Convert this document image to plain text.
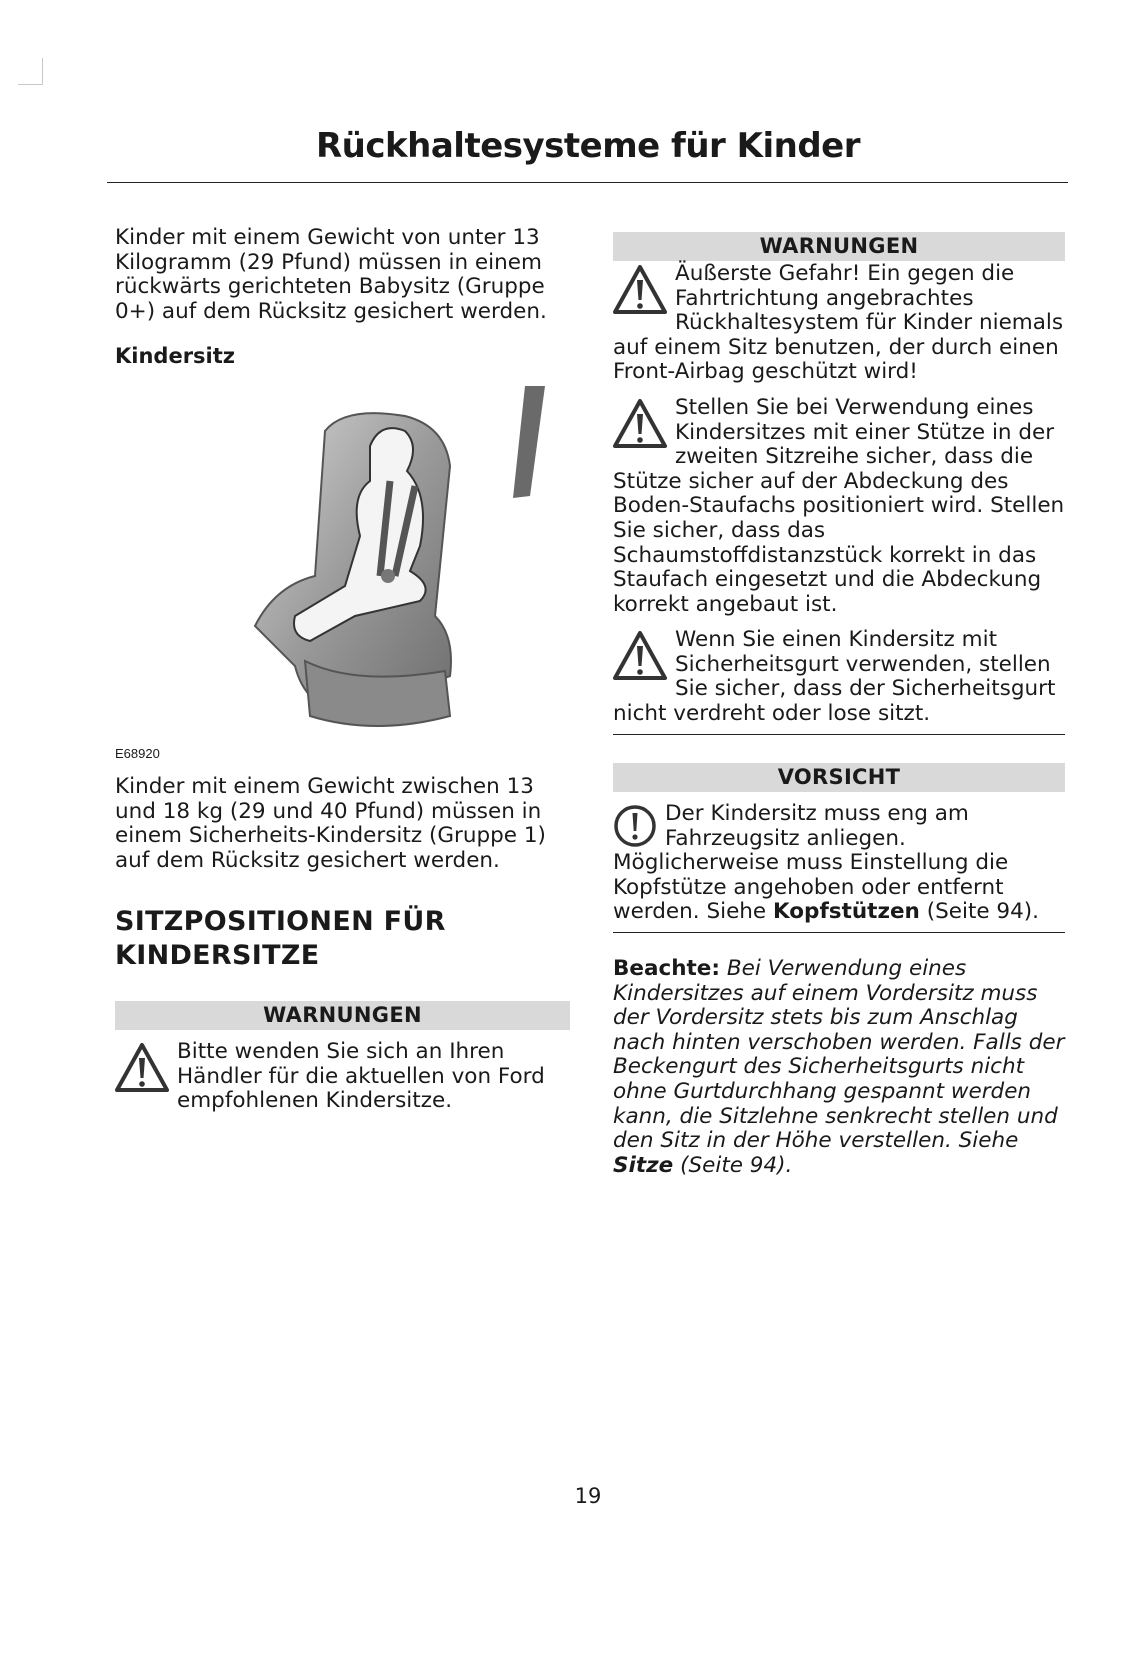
Rückhaltesysteme für Kinder

Kinder mit einem Gewicht von unter 13 Kilogramm (29 Pfund) müssen in einem rückwärts gerichteten Babysitz (Gruppe 0+) auf dem Rücksitz gesichert werden.

Kindersitz
E68920

Kinder mit einem Gewicht zwischen 13 und 18 kg (29 und 40 Pfund) müssen in einem Sicherheits-Kindersitz (Gruppe 1) auf dem Rücksitz gesichert werden.

SITZPOSITIONEN FÜR
KINDERSITZE
WARNUNGEN
Bitte wenden Sie sich an Ihren Händler für die aktuellen von Ford empfohlenen Kindersitze.
WARNUNGEN
Äußerste Gefahr! Ein gegen die Fahrtrichtung angebrachtes Rückhaltesystem für Kinder niemals auf einem Sitz benutzen, der durch einen Front-Airbag geschützt wird!
Stellen Sie bei Verwendung eines Kindersitzes mit einer Stütze in der zweiten Sitzreihe sicher, dass die Stütze sicher auf der Abdeckung des Boden-Staufachs positioniert wird. Stellen Sie sicher, dass das Schaumstoffdistanzstück korrekt in das Staufach eingesetzt und die Abdeckung korrekt angebaut ist.
Wenn Sie einen Kindersitz mit Sicherheitsgurt verwenden, stellen Sie sicher, dass der Sicherheitsgurt nicht verdreht oder lose sitzt.
VORSICHT
Der Kindersitz muss eng am Fahrzeugsitz anliegen. Möglicherweise muss Einstellung die Kopfstütze angehoben oder entfernt werden. Siehe Kopfstützen (Seite 94).
Beachte: Bei Verwendung eines Kindersitzes auf einem Vordersitz muss der Vordersitz stets bis zum Anschlag nach hinten verschoben werden. Falls der Beckengurt des Sicherheitsgurts nicht ohne Gurtdurchhang gespannt werden kann, die Sitzlehne senkrecht stellen und den Sitz in der Höhe verstellen. Siehe Sitze (Seite 94).
19
